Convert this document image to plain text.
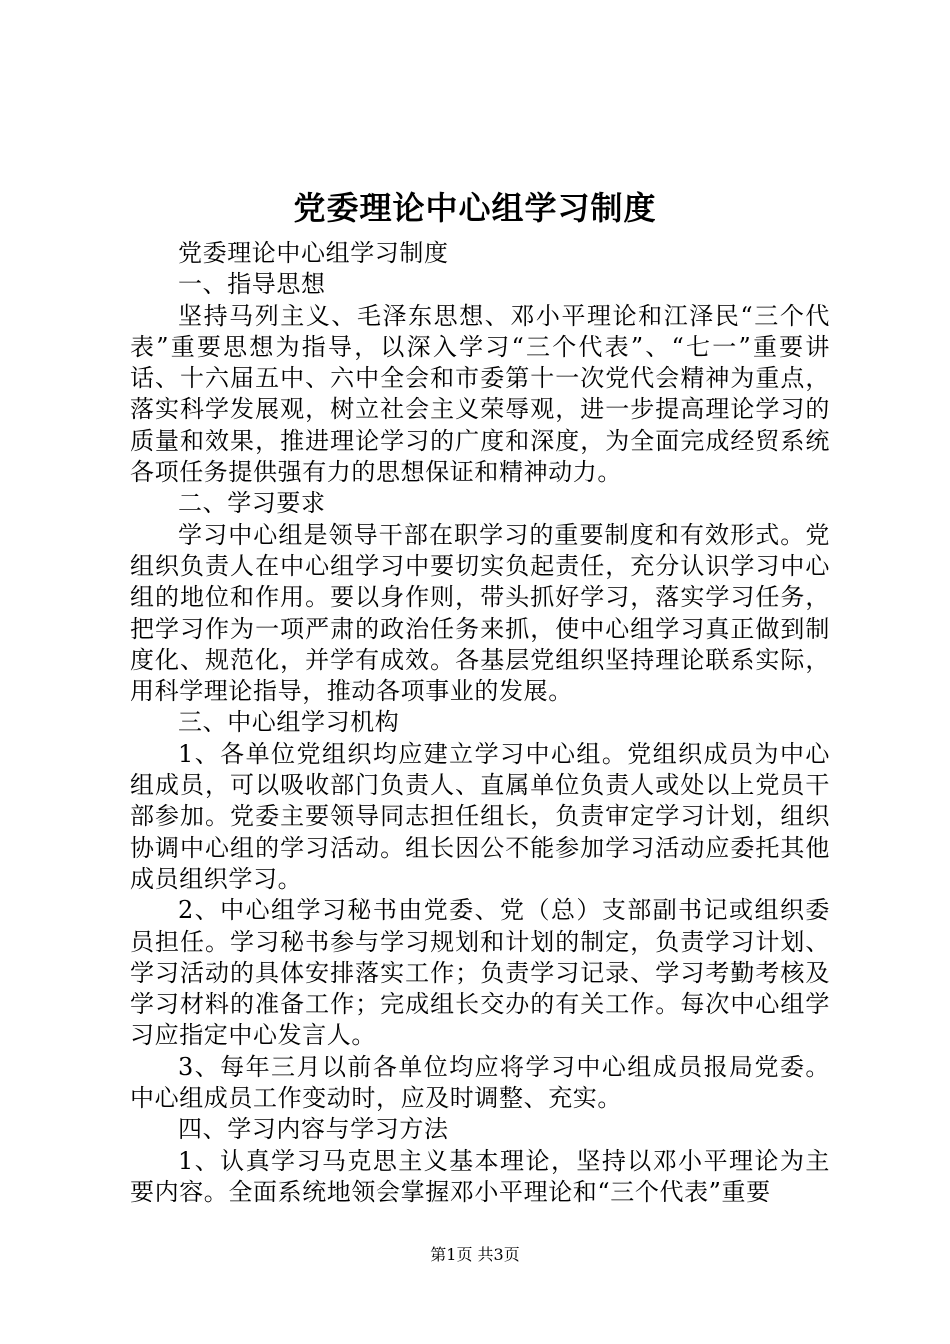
党委理论中心组学习制度

党委理论中心组学习制度

一、指导思想

坚持马列主义、毛泽东思想、邓小平理论和江泽民“三个代表”重要思想为指导，以深入学习“三个代表”、“七一”重要讲话、十六届五中、六中全会和市委第十一次党代会精神为重点，落实科学发展观，树立社会主义荣辱观，进一步提高理论学习的质量和效果，推进理论学习的广度和深度，为全面完成经贸系统各项任务提供强有力的思想保证和精神动力。

二、学习要求

学习中心组是领导干部在职学习的重要制度和有效形式。党组织负责人在中心组学习中要切实负起责任，充分认识学习中心组的地位和作用。要以身作则，带头抓好学习，落实学习任务，把学习作为一项严肃的政治任务来抓，使中心组学习真正做到制度化、规范化，并学有成效。各基层党组织坚持理论联系实际，用科学理论指导，推动各项事业的发展。

三、中心组学习机构

1、各单位党组织均应建立学习中心组。党组织成员为中心组成员，可以吸收部门负责人、直属单位负责人或处以上党员干部参加。党委主要领导同志担任组长，负责审定学习计划，组织协调中心组的学习活动。组长因公不能参加学习活动应委托其他成员组织学习。

2、中心组学习秘书由党委、党（总）支部副书记或组织委员担任。学习秘书参与学习规划和计划的制定，负责学习计划、学习活动的具体安排落实工作；负责学习记录、学习考勤考核及学习材料的准备工作；完成组长交办的有关工作。每次中心组学习应指定中心发言人。

3、每年三月以前各单位均应将学习中心组成员报局党委。中心组成员工作变动时，应及时调整、充实。

四、学习内容与学习方法

1、认真学习马克思主义基本理论，坚持以邓小平理论为主要内容。全面系统地领会掌握邓小平理论和“三个代表”重要

第1页 共3页
